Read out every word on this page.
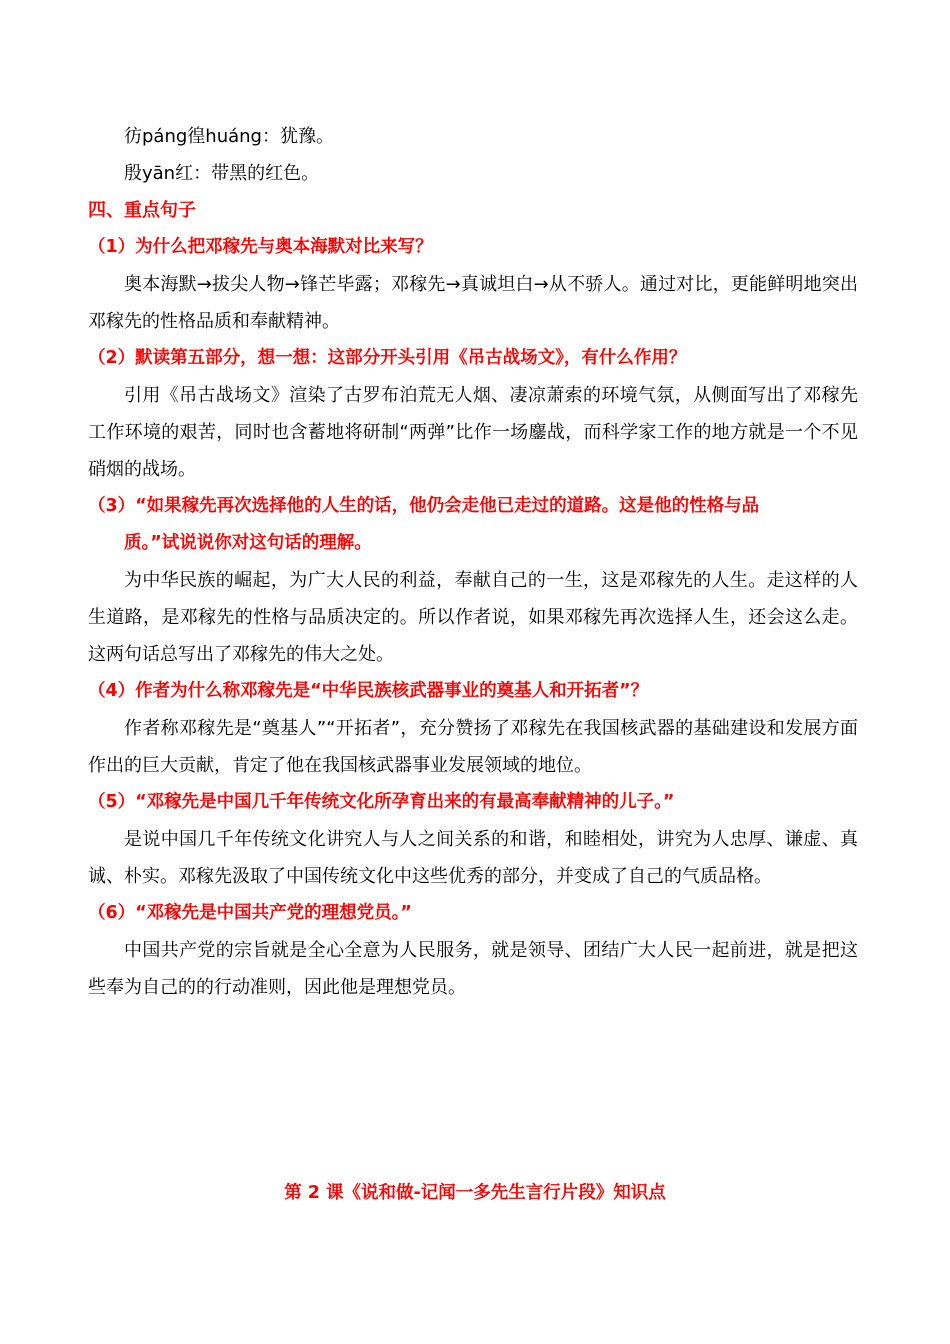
彷páng徨huáng：犹豫。
殷yān红：带黑的红色。
四、重点句子
（1）为什么把邓稼先与奥本海默对比来写？

奥本海默→拔尖人物→锋芒毕露；邓稼先→真诚坦白→从不骄人。通过对比，更能鲜明地突出邓稼先的性格品质和奉献精神。

（2）默读第五部分，想一想：这部分开头引用《吊古战场文》，有什么作用？

引用《吊古战场文》渲染了古罗布泊荒无人烟、凄凉萧索的环境气氛，从侧面写出了邓稼先工作环境的艰苦，同时也含蓄地将研制“两弹”比作一场鏖战，而科学家工作的地方就是一个不见硝烟的战场。

（3）“如果稼先再次选择他的人生的话，他仍会走他已走过的道路。这是他的性格与品
质。”试说说你对这句话的理解。

为中华民族的崛起，为广大人民的利益，奉献自己的一生，这是邓稼先的人生。走这样的人生道路，是邓稼先的性格与品质决定的。所以作者说，如果邓稼先再次选择人生，还会这么走。这两句话总写出了邓稼先的伟大之处。

（4）作者为什么称邓稼先是“中华民族核武器事业的奠基人和开拓者”？

作者称邓稼先是“奠基人”“开拓者”，充分赞扬了邓稼先在我国核武器的基础建设和发展方面作出的巨大贡献，肯定了他在我国核武器事业发展领域的地位。

（5）“邓稼先是中国几千年传统文化所孕育出来的有最高奉献精神的儿子。”

是说中国几千年传统文化讲究人与人之间关系的和谐，和睦相处，讲究为人忠厚、谦虚、真诚、朴实。邓稼先汲取了中国传统文化中这些优秀的部分，并变成了自己的气质品格。

（6）“邓稼先是中国共产党的理想党员。”

中国共产党的宗旨就是全心全意为人民服务，就是领导、团结广大人民一起前进，就是把这些奉为自己的的行动准则，因此他是理想党员。

第 2 课《说和做-记闻一多先生言行片段》知识点
